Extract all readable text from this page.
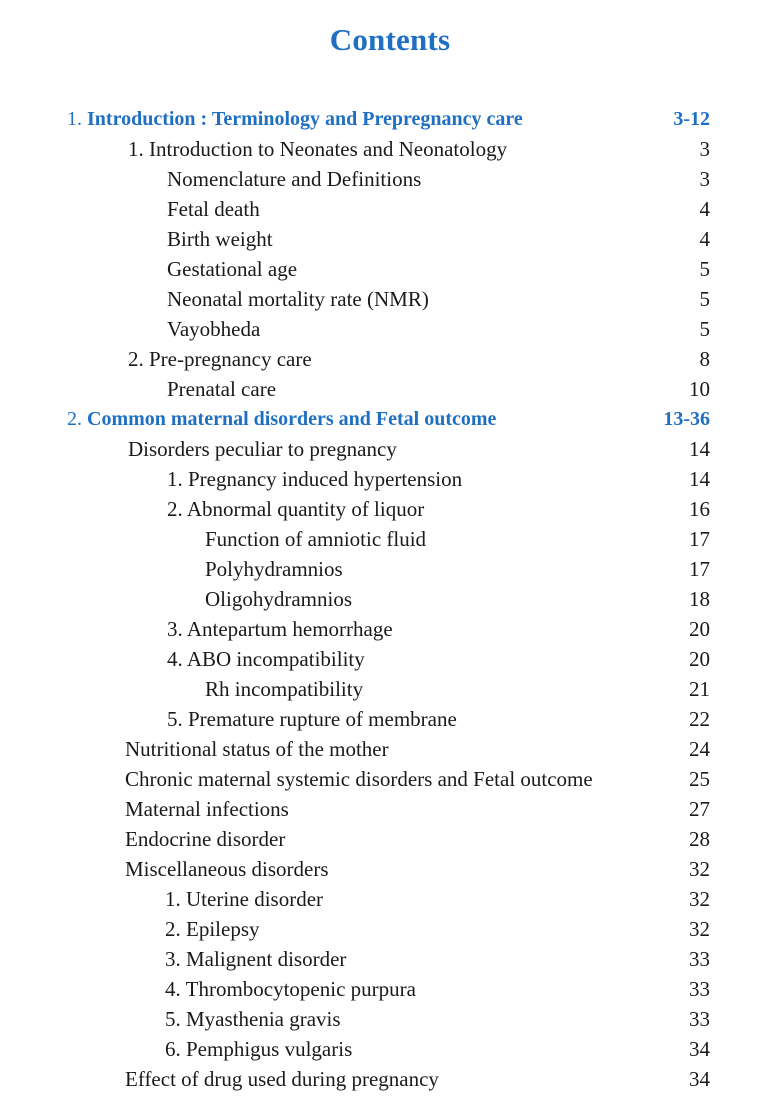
Contents
1. Introduction : Terminology and Prepregnancy care	3-12
1. Introduction to Neonates and Neonatology	3
Nomenclature and Definitions	3
Fetal death	4
Birth weight	4
Gestational age	5
Neonatal mortality rate (NMR)	5
Vayobheda	5
2. Pre-pregnancy care	8
Prenatal care	10
2. Common maternal disorders and Fetal outcome	13-36
Disorders peculiar to pregnancy	14
1. Pregnancy induced hypertension	14
2. Abnormal quantity of liquor	16
Function of amniotic fluid	17
Polyhydramnios	17
Oligohydramnios	18
3. Antepartum hemorrhage	20
4. ABO incompatibility	20
Rh incompatibility	21
5. Premature rupture of membrane	22
Nutritional status of the mother	24
Chronic maternal systemic disorders and Fetal outcome	25
Maternal infections	27
Endocrine disorder	28
Miscellaneous disorders	32
1. Uterine disorder	32
2. Epilepsy	32
3. Malignent disorder	33
4. Thrombocytopenic purpura	33
5. Myasthenia gravis	33
6. Pemphigus vulgaris	34
Effect of drug used during pregnancy	34
